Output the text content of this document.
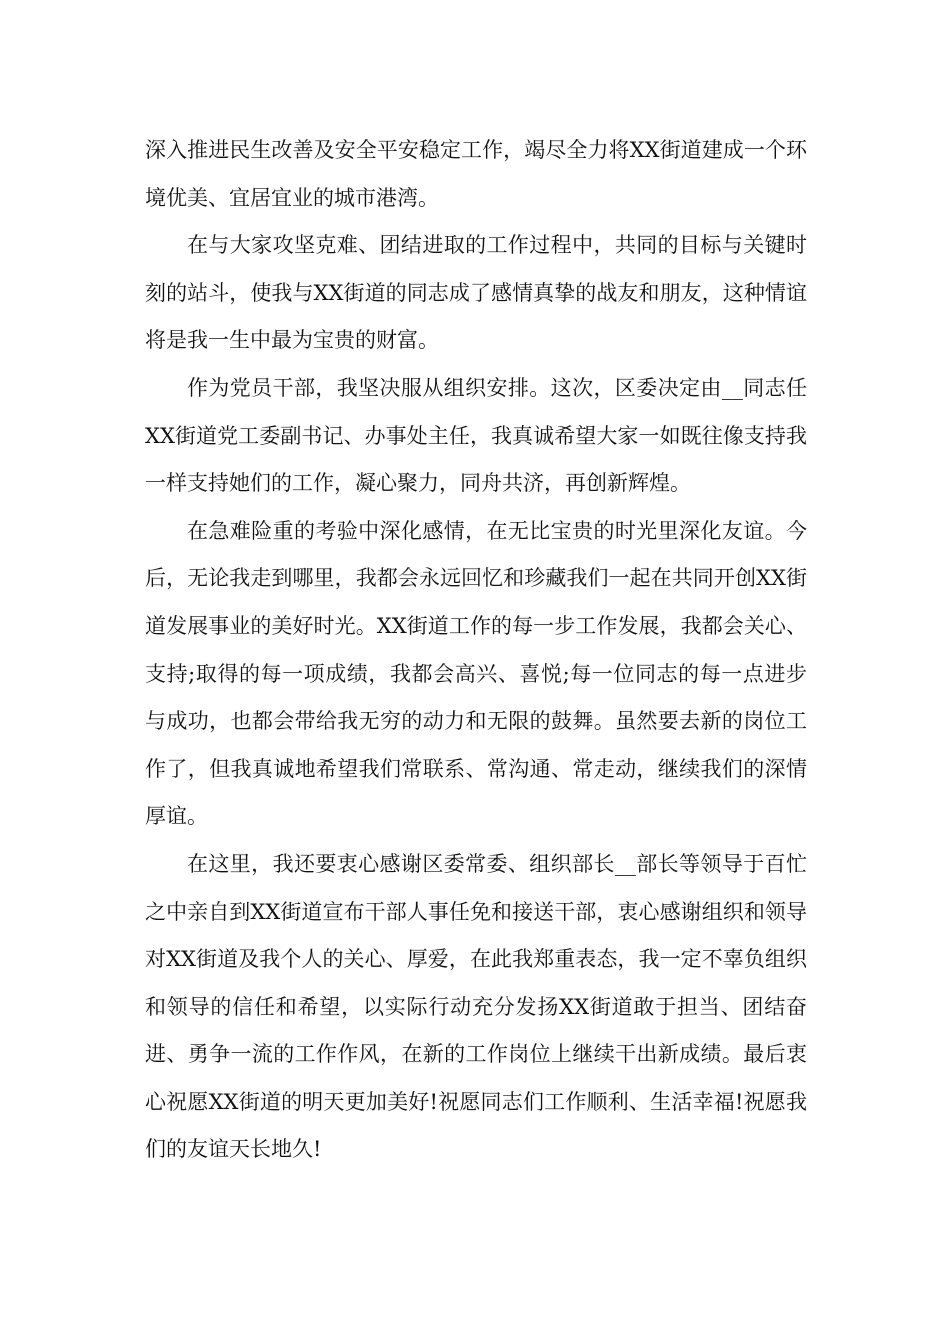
深入推进民生改善及安全平安稳定工作，竭尽全力将XX街道建成一个环境优美、宜居宜业的城市港湾。

在与大家攻坚克难、团结进取的工作过程中，共同的目标与关键时刻的站斗，使我与XX街道的同志成了感情真挚的战友和朋友，这种情谊将是我一生中最为宝贵的财富。

作为党员干部，我坚决服从组织安排。这次，区委决定由__同志任XX街道党工委副书记、办事处主任，我真诚希望大家一如既往像支持我一样支持她们的工作，凝心聚力，同舟共济，再创新辉煌。

在急难险重的考验中深化感情，在无比宝贵的时光里深化友谊。今后，无论我走到哪里，我都会永远回忆和珍藏我们一起在共同开创XX街道发展事业的美好时光。XX街道工作的每一步工作发展，我都会关心、支持;取得的每一项成绩，我都会高兴、喜悦;每一位同志的每一点进步与成功，也都会带给我无穷的动力和无限的鼓舞。虽然要去新的岗位工作了，但我真诚地希望我们常联系、常沟通、常走动，继续我们的深情厚谊。

在这里，我还要衷心感谢区委常委、组织部长__部长等领导于百忙之中亲自到XX街道宣布干部人事任免和接送干部，衷心感谢组织和领导对XX街道及我个人的关心、厚爱，在此我郑重表态，我一定不辜负组织和领导的信任和希望，以实际行动充分发扬XX街道敢于担当、团结奋进、勇争一流的工作作风，在新的工作岗位上继续干出新成绩。最后衷心祝愿XX街道的明天更加美好!祝愿同志们工作顺利、生活幸福!祝愿我们的友谊天长地久!
